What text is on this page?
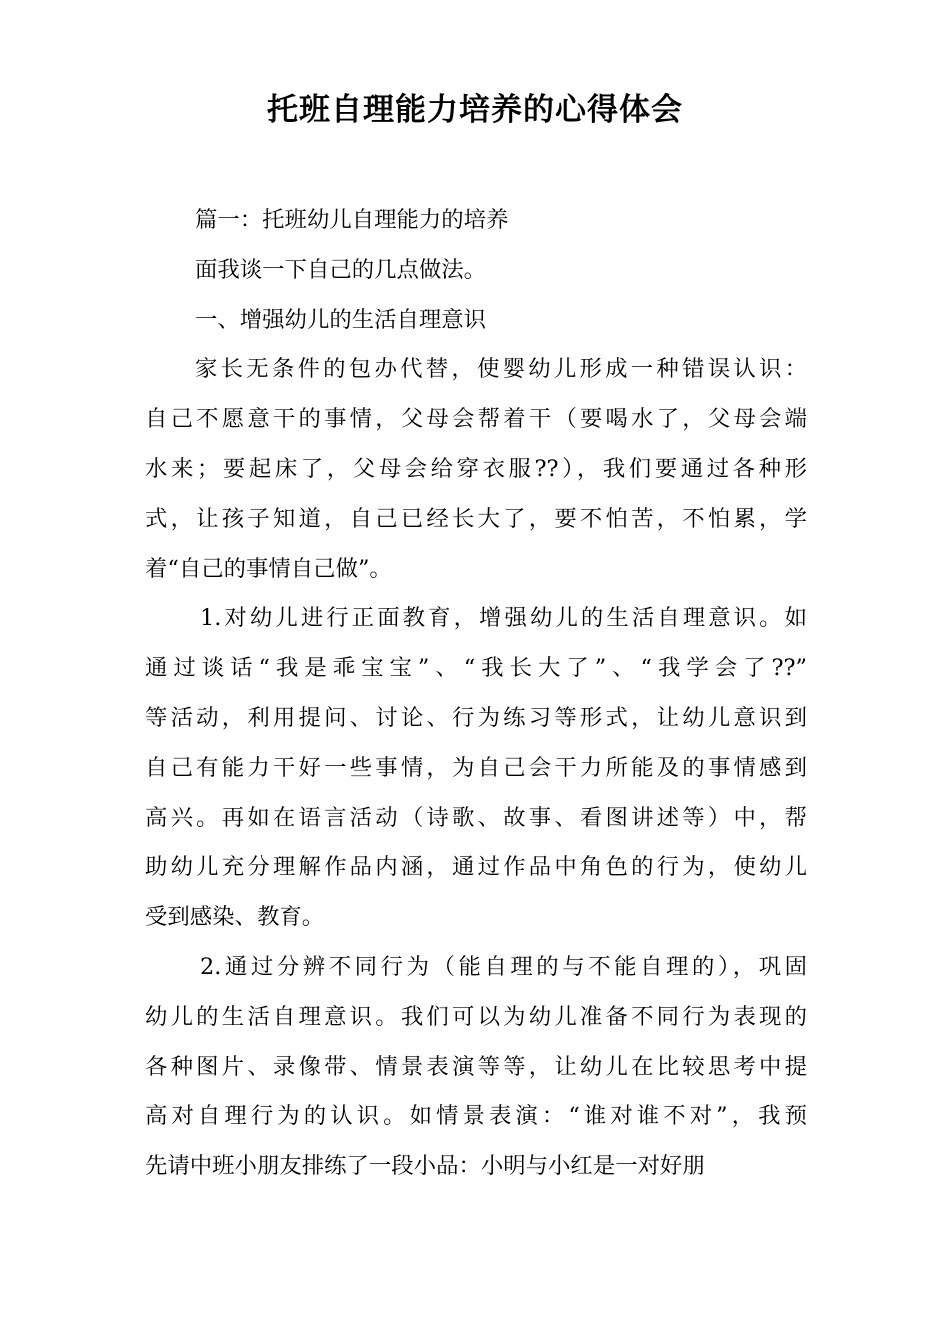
托班自理能力培养的心得体会
篇一：托班幼儿自理能力的培养
面我谈一下自己的几点做法。
一、增强幼儿的生活自理意识
家长无条件的包办代替，使婴幼儿形成一种错误认识：
自己不愿意干的事情，父母会帮着干（要喝水了，父母会端
水来；要起床了，父母会给穿衣服??），我们要通过各种形
式，让孩子知道，自己已经长大了，要不怕苦，不怕累，学
着“自己的事情自己做”。
1.对幼儿进行正面教育，增强幼儿的生活自理意识。如
通过谈话“我是乖宝宝”、“我长大了”、“我学会了??”
等活动，利用提问、讨论、行为练习等形式，让幼儿意识到
自己有能力干好一些事情，为自己会干力所能及的事情感到
高兴。再如在语言活动（诗歌、故事、看图讲述等）中，帮
助幼儿充分理解作品内涵，通过作品中角色的行为，使幼儿
受到感染、教育。
2.通过分辨不同行为（能自理的与不能自理的），巩固
幼儿的生活自理意识。我们可以为幼儿准备不同行为表现的
各种图片、录像带、情景表演等等，让幼儿在比较思考中提
高对自理行为的认识。如情景表演：“谁对谁不对”，我预
先请中班小朋友排练了一段小品：小明与小红是一对好朋
